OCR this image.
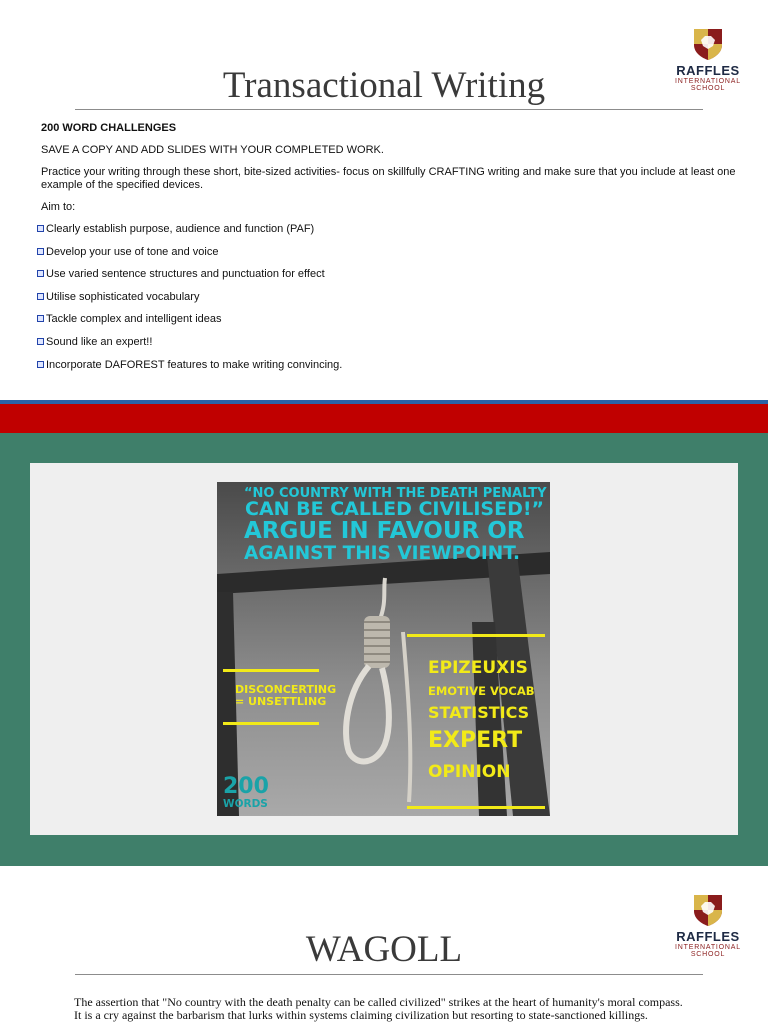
Transactional Writing	RAFFLES
INTERNATIONAL
SCHOOL

200 WORD CHALLENGES

SAVE A COPY AND ADD SLIDES WITH YOUR COMPLETED WORK.

Practice your writing through these short, bite-sized activities- focus on skillfully CRAFTING writing and make sure that you include at least one example of the specified devices.

Aim to:

Clearly establish purpose, audience and function (PAF)
Develop your use of tone and voice
Use varied sentence structures and punctuation for effect
Utilise sophisticated vocabulary
Tackle complex and intelligent ideas
Sound like an expert!!
Incorporate DAFOREST features to make writing convincing.

“NO COUNTRY WITH THE DEATH PENALTY

CAN BE CALLED CIVILISED!”

ARGUE IN FAVOUR OR

AGAINST THIS VIEWPOINT.

DISCONCERTING

= UNSETTLING

EPIZEUXIS

EMOTIVE VOCAB

STATISTICS

EXPERT

OPINION

200

WORDS

WAGOLL	RAFFLES
INTERNATIONAL
SCHOOL
The assertion that "No country with the death penalty can be called civilized" strikes at the heart of humanity's moral compass.
It is a cry against the barbarism that lurks within systems claiming civilization but resorting to state-sanctioned killings.
